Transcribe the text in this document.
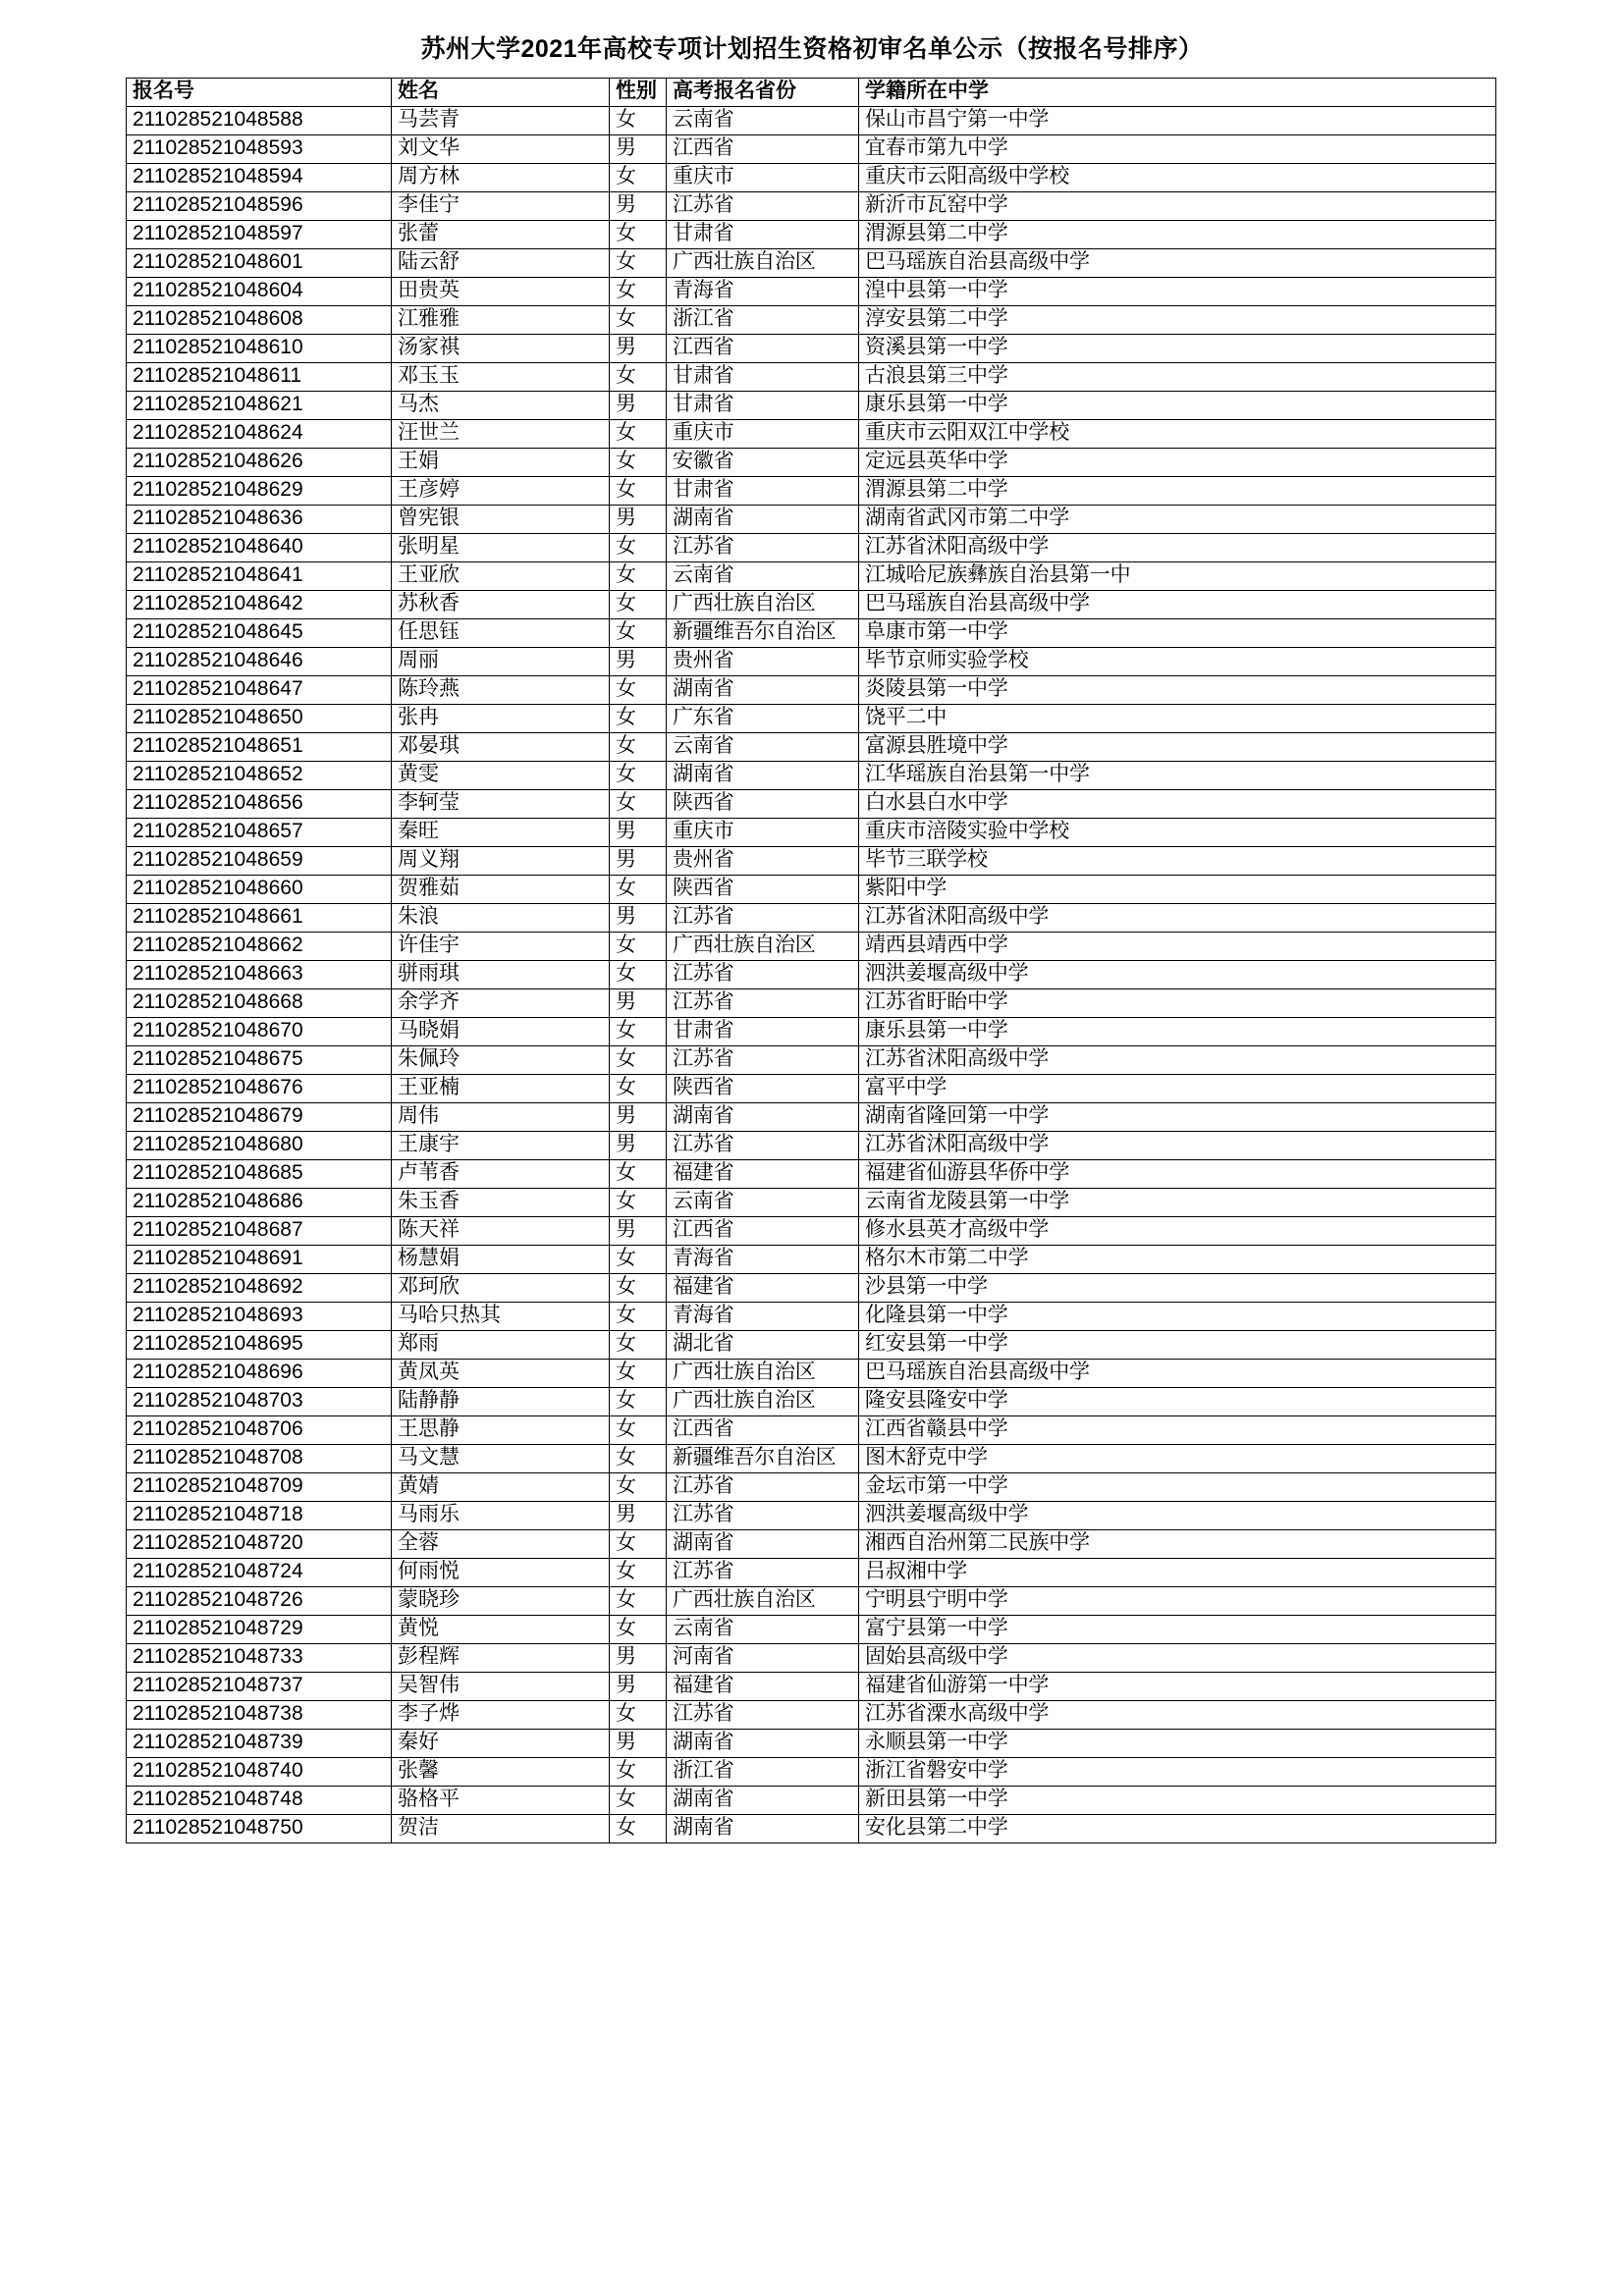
苏州大学2021年高校专项计划招生资格初审名单公示（按报名号排序）
报名号	姓名	性别	高考报名省份	学籍所在中学
211028521048588	马芸青	女	云南省	保山市昌宁第一中学
211028521048593	刘文华	男	江西省	宜春市第九中学
211028521048594	周方林	女	重庆市	重庆市云阳高级中学校
211028521048596	李佳宁	男	江苏省	新沂市瓦窑中学
211028521048597	张蕾	女	甘肃省	渭源县第二中学
211028521048601	陆云舒	女	广西壮族自治区	巴马瑶族自治县高级中学
211028521048604	田贵英	女	青海省	湟中县第一中学
211028521048608	江雅雅	女	浙江省	淳安县第二中学
211028521048610	汤家祺	男	江西省	资溪县第一中学
211028521048611	邓玉玉	女	甘肃省	古浪县第三中学
211028521048621	马杰	男	甘肃省	康乐县第一中学
211028521048624	汪世兰	女	重庆市	重庆市云阳双江中学校
211028521048626	王娟	女	安徽省	定远县英华中学
211028521048629	王彦婷	女	甘肃省	渭源县第二中学
211028521048636	曾宪银	男	湖南省	湖南省武冈市第二中学
211028521048640	张明星	女	江苏省	江苏省沭阳高级中学
211028521048641	王亚欣	女	云南省	江城哈尼族彝族自治县第一中
211028521048642	苏秋香	女	广西壮族自治区	巴马瑶族自治县高级中学
211028521048645	任思钰	女	新疆维吾尔自治区	阜康市第一中学
211028521048646	周丽	男	贵州省	毕节京师实验学校
211028521048647	陈玲燕	女	湖南省	炎陵县第一中学
211028521048650	张冉	女	广东省	饶平二中
211028521048651	邓晏琪	女	云南省	富源县胜境中学
211028521048652	黄雯	女	湖南省	江华瑶族自治县第一中学
211028521048656	李轲莹	女	陕西省	白水县白水中学
211028521048657	秦旺	男	重庆市	重庆市涪陵实验中学校
211028521048659	周义翔	男	贵州省	毕节三联学校
211028521048660	贺雅茹	女	陕西省	紫阳中学
211028521048661	朱浪	男	江苏省	江苏省沭阳高级中学
211028521048662	许佳宇	女	广西壮族自治区	靖西县靖西中学
211028521048663	骈雨琪	女	江苏省	泗洪姜堰高级中学
211028521048668	余学齐	男	江苏省	江苏省盱眙中学
211028521048670	马晓娟	女	甘肃省	康乐县第一中学
211028521048675	朱佩玲	女	江苏省	江苏省沭阳高级中学
211028521048676	王亚楠	女	陕西省	富平中学
211028521048679	周伟	男	湖南省	湖南省隆回第一中学
211028521048680	王康宇	男	江苏省	江苏省沭阳高级中学
211028521048685	卢苇香	女	福建省	福建省仙游县华侨中学
211028521048686	朱玉香	女	云南省	云南省龙陵县第一中学
211028521048687	陈天祥	男	江西省	修水县英才高级中学
211028521048691	杨慧娟	女	青海省	格尔木市第二中学
211028521048692	邓珂欣	女	福建省	沙县第一中学
211028521048693	马哈只热其	女	青海省	化隆县第一中学
211028521048695	郑雨	女	湖北省	红安县第一中学
211028521048696	黄凤英	女	广西壮族自治区	巴马瑶族自治县高级中学
211028521048703	陆静静	女	广西壮族自治区	隆安县隆安中学
211028521048706	王思静	女	江西省	江西省赣县中学
211028521048708	马文慧	女	新疆维吾尔自治区	图木舒克中学
211028521048709	黄婧	女	江苏省	金坛市第一中学
211028521048718	马雨乐	男	江苏省	泗洪姜堰高级中学
211028521048720	全蓉	女	湖南省	湘西自治州第二民族中学
211028521048724	何雨悦	女	江苏省	吕叔湘中学
211028521048726	蒙晓珍	女	广西壮族自治区	宁明县宁明中学
211028521048729	黄悦	女	云南省	富宁县第一中学
211028521048733	彭程辉	男	河南省	固始县高级中学
211028521048737	吴智伟	男	福建省	福建省仙游第一中学
211028521048738	李子烨	女	江苏省	江苏省溧水高级中学
211028521048739	秦好	男	湖南省	永顺县第一中学
211028521048740	张馨	女	浙江省	浙江省磐安中学
211028521048748	骆格平	女	湖南省	新田县第一中学
211028521048750	贺洁	女	湖南省	安化县第二中学
